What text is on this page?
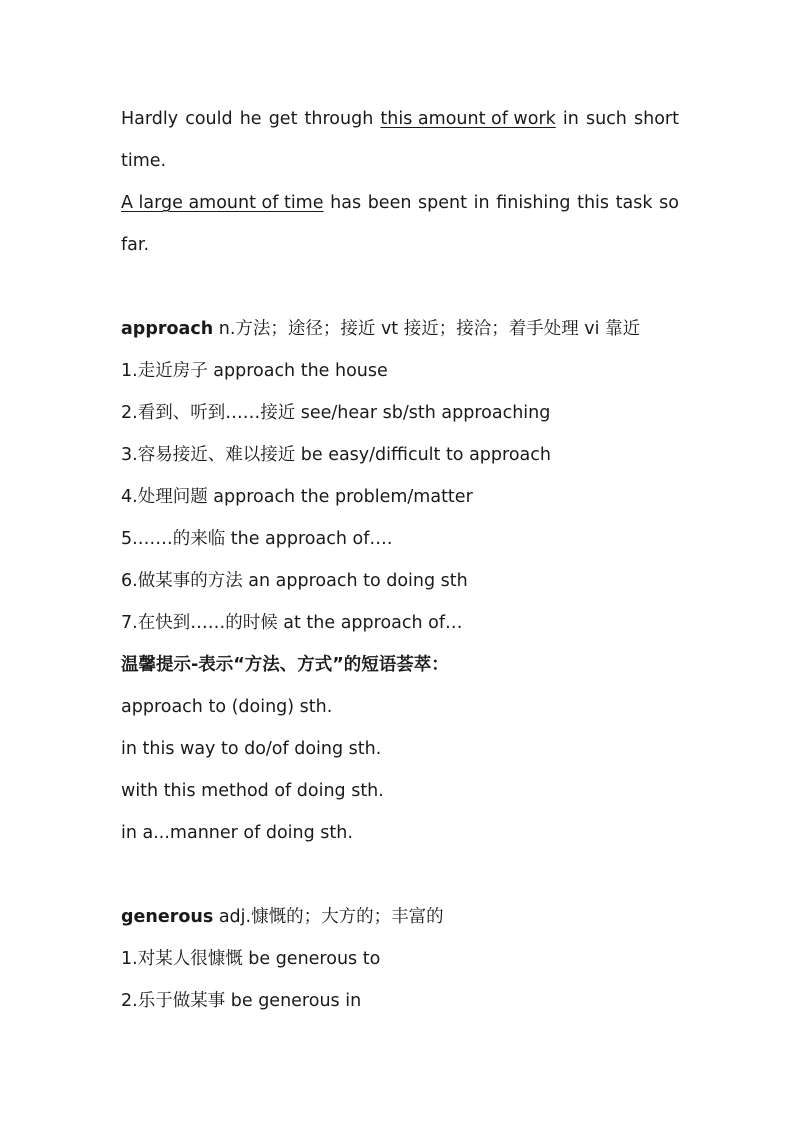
Hardly could he get through this amount of work in such short
time.
A large amount of time has been spent in finishing this task so
far.
approach n.方法；途径；接近 vt 接近；接洽；着手处理 vi 靠近
1.走近房子 approach the house
2.看到、听到……接近 see/hear sb/sth approaching
3.容易接近、难以接近 be easy/difficult to approach
4.处理问题 approach the problem/matter
5.……的来临 the approach of….
6.做某事的方法 an approach to doing sth
7.在快到……的时候 at the approach of…
温馨提示-表示“方法、方式”的短语荟萃：
approach to (doing) sth.
in this way to do/of doing sth.
with this method of doing sth.
in a...manner of doing sth.
generous adj.慷慨的；大方的；丰富的
1.对某人很慷慨 be generous to
2.乐于做某事 be generous in
